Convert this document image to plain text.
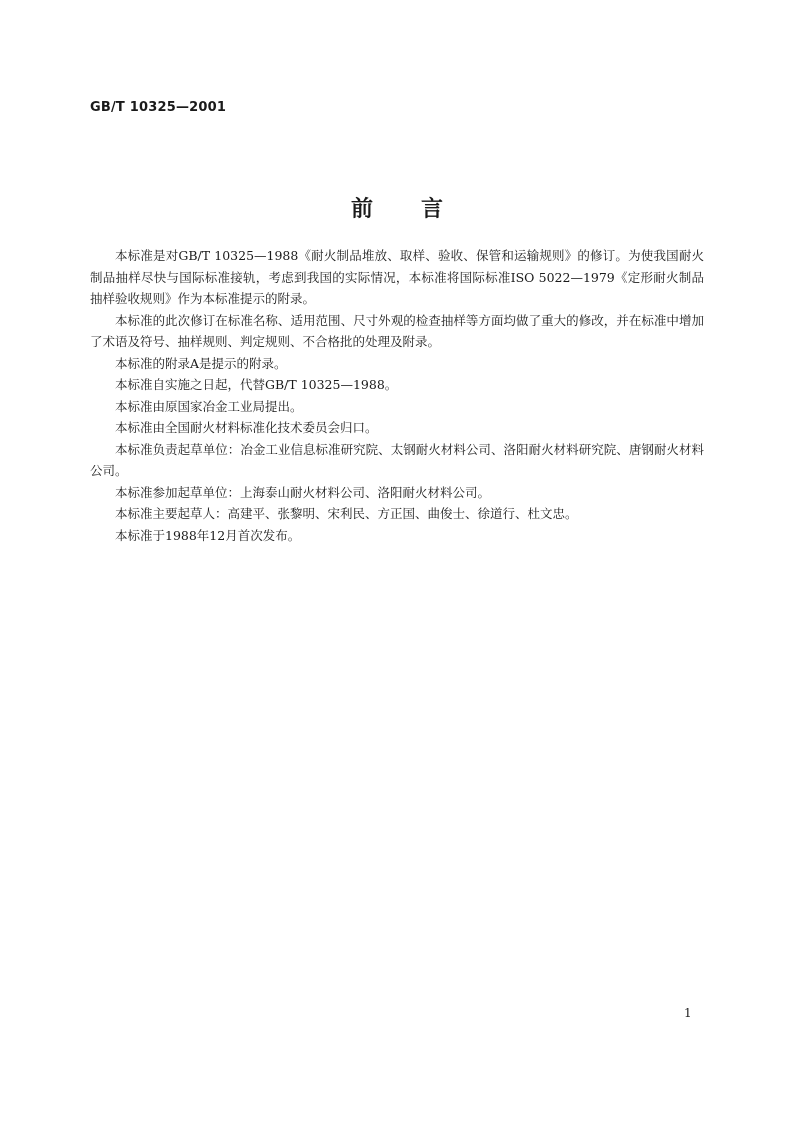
GB/T 10325—2001
前言

本标准是对GB/T 10325—1988《耐火制品堆放、取样、验收、保管和运输规则》的修订。为使我国耐火制品抽样尽快与国际标准接轨，考虑到我国的实际情况，本标准将国际标准ISO 5022—1979《定形耐火制品　抽样验收规则》作为本标准提示的附录。

本标准的此次修订在标准名称、适用范围、尺寸外观的检查抽样等方面均做了重大的修改，并在标准中增加了术语及符号、抽样规则、判定规则、不合格批的处理及附录。

本标准的附录A是提示的附录。

本标准自实施之日起，代替GB/T 10325—1988。

本标准由原国家冶金工业局提出。

本标准由全国耐火材料标准化技术委员会归口。

本标准负责起草单位：冶金工业信息标准研究院、太钢耐火材料公司、洛阳耐火材料研究院、唐钢耐火材料公司。

本标准参加起草单位：上海泰山耐火材料公司、洛阳耐火材料公司。

本标准主要起草人：高建平、张黎明、宋利民、方正国、曲俊士、徐道行、杜文忠。

本标准于1988年12月首次发布。

1
